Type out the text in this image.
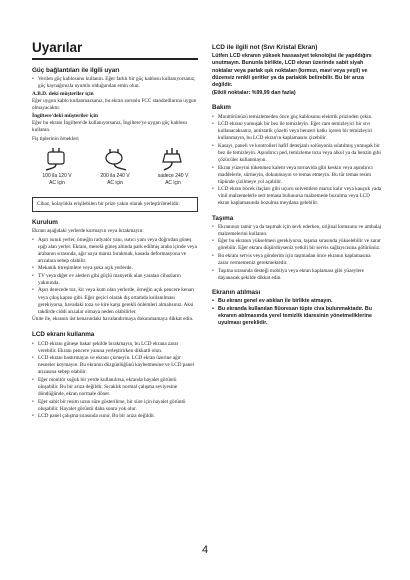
Uyarılar
Güç bağlantıları ile ilgili uyarı
• Verilen güç kablosunu kullanın. Eğer farklı bir güç kablosu kullanıyorsanız, güç kaynağınızla uyumlu olduğundan emin olun.
A.B.D. deki müşteriler için

Eğer uygun kablo kullanmazsanız, bu ekran zorunlu FCC standardlarına uygun olmayacaktır.

İngiltere'deki müşteriler için

Eğer bu ekranı İngiltere'de kullanıyorsanız, İngiltere'ye uygun güç kablosu kullanın.

Fiş tiplerinin örnekleri

100 ila 120 V
AC için
200 ila 240 V
AC için
sadece 240 V
AC için

Cihaz, kolaylıkla erişilebilen bir prize yakın olarak yerleştirilmelidir.

Kurulum

Ekranı aşağıdaki yerlerde kurmayın veya bırakmayın:

• Aşırı ısınık yerler, örneğin radyatör yanı, ısıtıcı yanı veya doğrudan güneş ışığı alan yerler. Ekranı, meselâ güneş altında park edilmiş araba içinde veya arabanın sırasında, ağır ısıya maruz bırakmak, kasada deformasyona ve arızalara sebep olabilir.
• Mekanik titreşimlere veya şoka açık yerlerde.
• TV veya diğer ev aletleri gibi güçlü manyetik alan yaratan cihazların yakınında.
• Aşırı derecede toz, kir veya kum olan yerlerde, örneğin açık pencere kenarı veya çıkış kapısı gibi. Eğer geçici olarak dış ortamda kullanılması gerekiyorsa, havadaki toza ve kire karşı gerekli önlemleri almalısınız. Aksi takdirde ciddi arızalar olmaya neden olabilirler.

Ünite ile, ekranın üst kenarındaki havalandırmaya dokunmamaya dikkat edin.

LCD ekranı kullanma
• LCD ekranı güneşe bakar şekilde bırakmayın, bu LCD ekrana zarar verebilir. Ekranı pencere yanına yerleştirirken dikkatli olun.
• LCD ekranı bastırmayın ve ekranı çizmeyin. LCD ekran üzerine ağır nesneler koymayın. Bu ekranın düzgünlüğünü kaybetmesine ve LCD panel arızasına sebep olabilir.
• Eğer monitör soğuk bir yerde kullanılırsa, ekranda hayalet görüntü oluşabilir. Bu bir arıza değildir. Sıcaklık normal çalışma seviyesine döndüğünde, ekran normale döner.
• Eğer sabit bir resim uzun süre gösterilirse, bir süre için hayalet görüntü oluşabilir. Hayalet görüntü daha sonra yok olur.
• LCD panel çalışma sırasında ısınır. Bu bir arıza değildir.
LCD ile ilgili not (Sıvı Kristal Ekran)

Lütfen LCD ekranın yüksek hassasiyet teknolojisi ile yapıldığını unutmayın. Bununla birlikte, LCD ekran üzerinde sabit siyah noktalar veya parlak ışık noktaları (kırmızı, mavi veya yeşil) ve düzensiz renkli şeritler ya da parlaklık belirebilir. Bu bir arıza değildir.

(Etkili noktalar: %99,99 dan fazla)

Bakım
• Monitörünüzü temizlemeden önce güç kablosunu elektrik prizinden çekin.
• LCD ekranı yumuşak bir bez ile temizleyin. Eğer cam temizleyici bir sıvı kullanacaksanız, antistatik çözelti veya benzeri katkı içeren bir temizleyici kullanmayın, bu LCD ekran'ın kaplamasını çizebilir.
• Kasayı, paneli ve kontrolleri hafif deterjanlı solüsyonla ıslatılmış yumuşak bir bez ile temizleyin. Aşındırıcı ped, temizleme tozu veya alkol ya da benzin gibi çözücüler kullanmayın.
• Ekran yüzeyini tükenmez kalem veya tornavida gibi keskin veya aşındırıcı maddelerle, sürmeyin, dokunmayın ve temas etmeyin. Bu tür temas resim tüpünde çizilmeye yol açabilir.
• LCD ekran böcek ilaçları gibi uçucu solventlere maruz kalır veya kauçuk yada vinil malzemelerle sert temasa bulunursa malzemede bozulma veya LCD ekran kaplamasında bozulma meydana gelebilir.
Taşıma
• Ekranınızı tamir ya da taşımak için sevk ederken, orijinal kutusunu ve ambalaj malzemelerini kullanın.
• Eğer bu ekranın yükselmesi gerekiyorsa, taşıma sırasında yükselebilir ve zarar görebilir. Eğer ekranı düşürdüyseniz yetkili bir servis sağlayıcısına götürünüz.
• Bu ekranı servis veya gönderim için taşımadan önce ekranın kaplamasına zarar vermemeniz gerekmektedir.
• Taşıma sırasında desteği mobilya veya ekran kaplaması gibi yüzeylere dayanacak şekilde dikkat edin.
Ekranın atılması
• Bu ekranı genel ev atıkları ile birlikte atmayın.
• Bu ekranda kullanılan flüoresan tüpte civa bulunmaktadır. Bu ekranın atılmasında yerel temizlik idaresinin yönetmeliklerine uyulması gereklidir.
4
